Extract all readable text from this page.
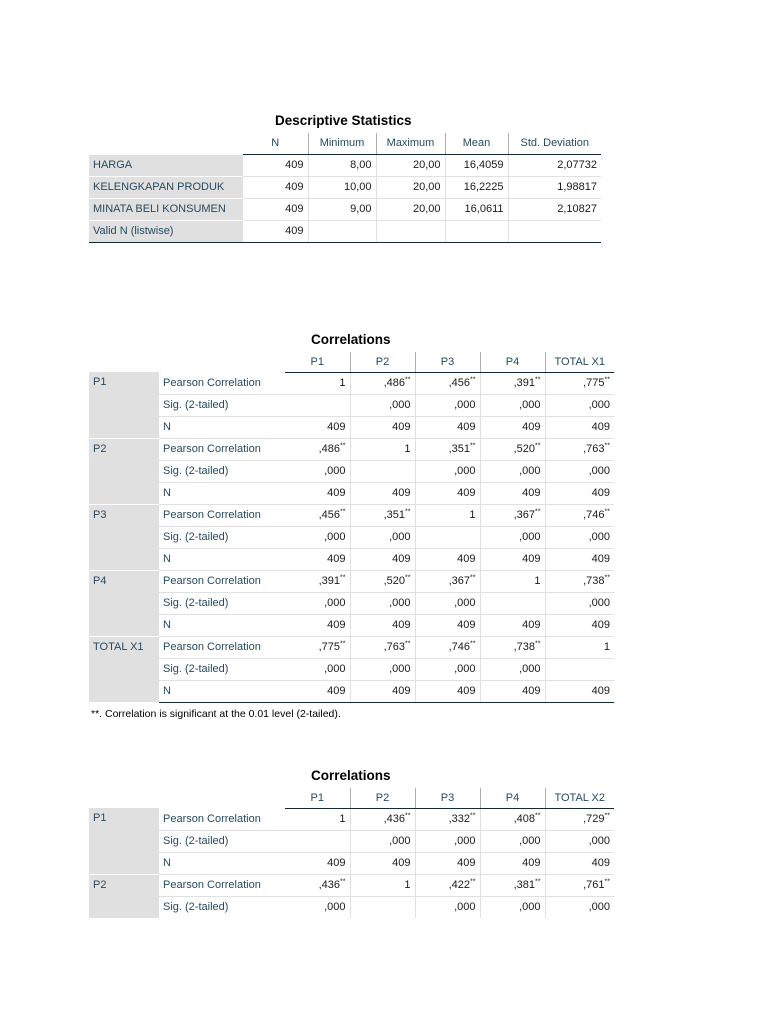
Descriptive Statistics
	N	Minimum	Maximum	Mean	Std. Deviation
HARGA	409	8,00	20,00	16,4059	2,07732
KELENGKAPAN PRODUK	409	10,00	20,00	16,2225	1,98817
MINATA BELI KONSUMEN	409	9,00	20,00	16,0611	2,10827
Valid N (listwise)	409				
Correlations
		P1	P2	P3	P4	TOTAL X1
P1	Pearson Correlation	1	,486**	,456**	,391**	,775**
	Sig. (2-tailed)		,000	,000	,000	,000
	N	409	409	409	409	409
P2	Pearson Correlation	,486**	1	,351**	,520**	,763**
	Sig. (2-tailed)	,000		,000	,000	,000
	N	409	409	409	409	409
P3	Pearson Correlation	,456**	,351**	1	,367**	,746**
	Sig. (2-tailed)	,000	,000		,000	,000
	N	409	409	409	409	409
P4	Pearson Correlation	,391**	,520**	,367**	1	,738**
	Sig. (2-tailed)	,000	,000	,000		,000
	N	409	409	409	409	409
TOTAL X1	Pearson Correlation	,775**	,763**	,746**	,738**	1
	Sig. (2-tailed)	,000	,000	,000	,000	
	N	409	409	409	409	409
**. Correlation is significant at the 0.01 level (2-tailed).
Correlations
		P1	P2	P3	P4	TOTAL X2
P1	Pearson Correlation	1	,436**	,332**	,408**	,729**
	Sig. (2-tailed)		,000	,000	,000	,000
	N	409	409	409	409	409
P2	Pearson Correlation	,436**	1	,422**	,381**	,761**
	Sig. (2-tailed)	,000		,000	,000	,000
